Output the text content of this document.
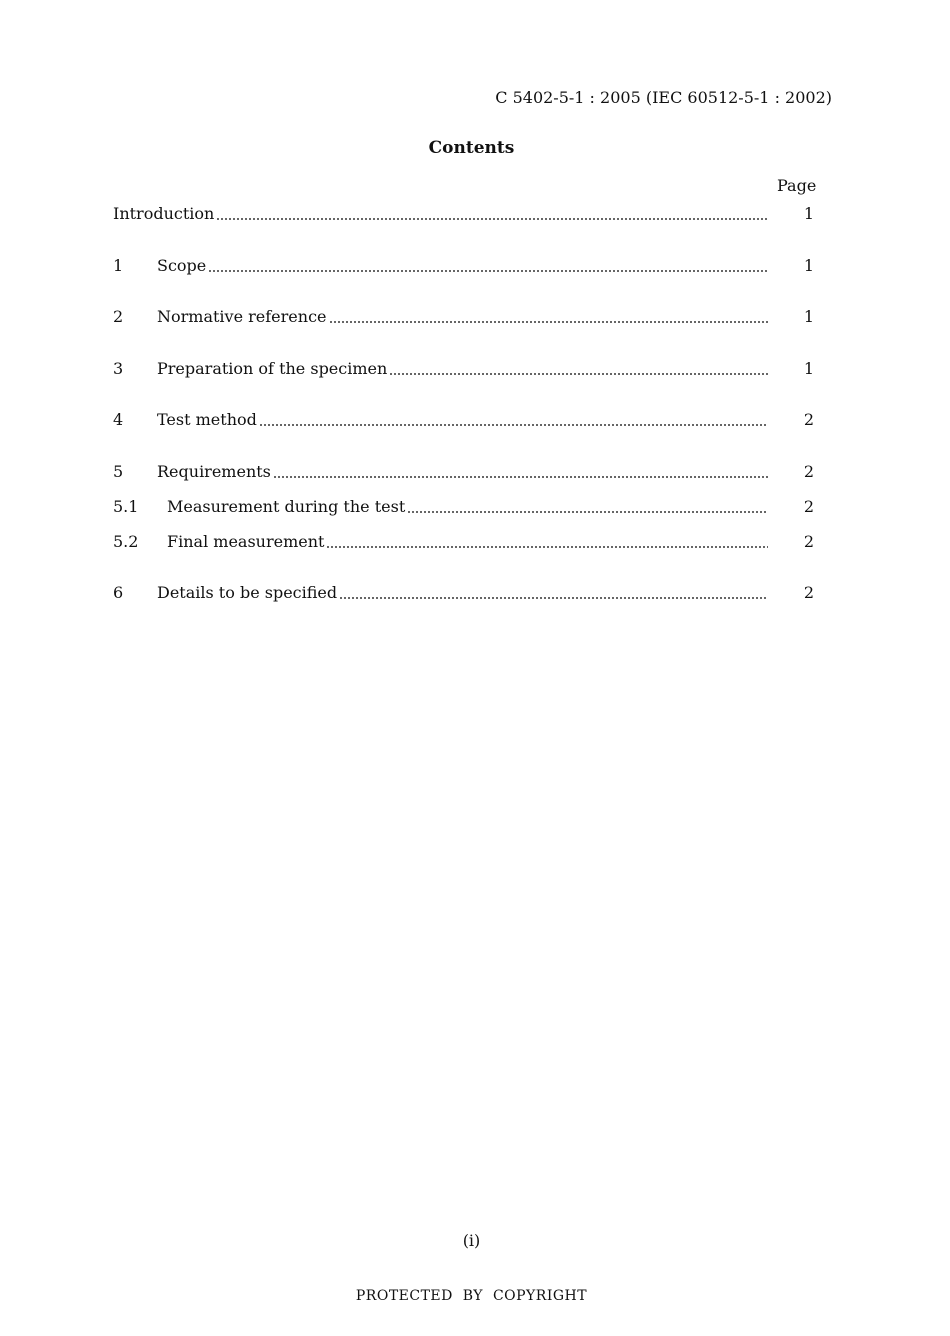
C 5402-5-1 : 2005 (IEC 60512-5-1 : 2002)
Contents
Page
Introduction	1
1	Scope	1
2	Normative reference	1
3	Preparation of the specimen	1
4	Test method	2
5	Requirements	2
5.1	Measurement during the test	2
5.2	Final measurement	2
6	Details to be specified	2
(i)
PROTECTED  BY  COPYRIGHT
